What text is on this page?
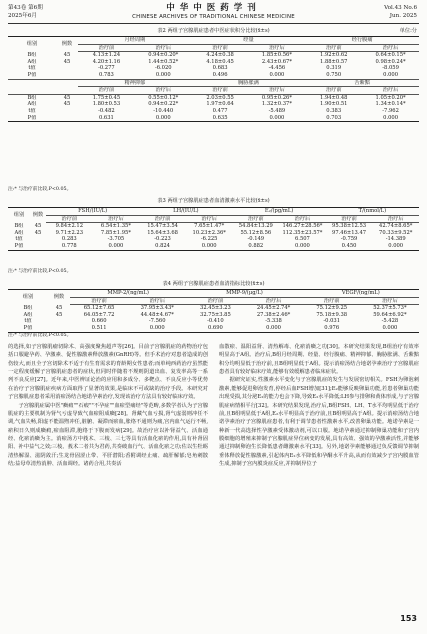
第43卷 第6期
2025年6月
中华中医药学刊
CHINESE ARCHIVES OF TRADITIONAL CHINESE MEDICINE
Vol.43 No.6
Jun. 2025
表2 两组子宫腺肌症患者中医症状积分比较(x̄±s)	单位:分
组别	例数	月经周期		经量		经行腹痛	
		治疗前	治疗后	治疗前	治疗后	治疗前	治疗后
B组	45	4.13±1.24	0.94±0.20*	4.24±0.38	1.85±0.56*	1.92±0.62	0.64±0.15*
A组	45	4.20±1.16	1.44±0.52*	4.18±0.45	2.43±0.67*	1.88±0.57	0.98±0.24*
t值		-0.277	-6.020	0.683	-4.456	0.319	-8.059
P值		0.783	0.000	0.496	0.000	0.750	0.000
		精神抑郁		胸胁胀满		舌紫黯	
		治疗前	治疗后	治疗前	治疗后	治疗前	治疗后
B组	45	1.75±0.45	0.55±0.12*	2.03±0.55	0.95±0.26*	1.94±0.48	1.05±0.20*
A组	45	1.80±0.53	0.94±0.22*	1.97±0.64	1.32±0.37*	1.90±0.51	1.34±0.14*
t值		-0.482	-10.440	0.477	-5.489	0.383	-7.962
P值		0.631	0.000	0.635	0.000	0.703	0.000
注:* 与治疗前比较,P<0.05。
表3 两组子宫腺肌症患者血清激素水平比较(x̄±s)
组别	例数	FSH/(IU/L)		LH/(IU/L)		E₂/(pg/mL)		T/(nmol/L)	
		治疗前	治疗后	治疗前	治疗后	治疗前	治疗后	治疗前	治疗后
B组	45	9.84±2.12	6.54±1.35*	15.47±3.54	7.65±1.47*	54.84±13.29	146.27±28.56*	95.38±12.53	42.74±8.65*
A组	45	9.71±2.23	7.85±1.95*	15.64±3.68	10.23±2.36*	55.12±8.56	112.35±23.57*	97.46±13.47	70.33±9.52*
t值		0.283	-3.705	-0.223	-6.225	-0.149	6.507	-0.759	-14.389
P值		0.778	0.000	0.824	0.000	0.882	0.000	0.450	0.000
注:* 与治疗前比较,P<0.05。
表4 两组子宫腺肌症患者血清指标比较(x̄±s)
组别	例数	MMP-2/(ng/mL)		MMP-9/(μg/L)		VEGF/(ng/mL)	
		治疗前	治疗后	治疗前	治疗后	治疗前	治疗后
B组	45	65.12±7.65	37.95±3.43*	32.45±3.23	24.45±2.74*	75.12±9.25	52.37±5.73*
A组	45	64.05±7.72	44.48±4.67*	32.75±3.85	27.38±2.46*	75.18±9.38	59.64±6.92*
t值		0.660	-7.560	-0.410	-5.338	-0.031	-5.428
P值		0.511	0.000	0.690	0.000	0.976	0.000
注:* 与治疗前比较,P<0.05。

的选择,如子宫腺肌瘤切除术、高强度聚焦超声等[26]。目前子宫腺肌症的药物治疗包括口服避孕药、孕激素、促性腺激素释放激素(GnRH)等。但手术治疗对患者造成的创伤较大,而且全子宫切除术不适于有生育需求的育龄期女性患者;而单纯西药治疗虽然能一定程度缓解子宫腺肌症患者的症状,但同时伴随着不规则阴道出血、复发率高等一系列不良反应[27]。近年来,中医辨证论治的应用和多成分、多靶点、不良反应小等优势在治疗子宫腺肌症疾病方面取得了显著的效果,是临床不可或缺的治疗手段。本研究对子宫腺肌症患者采用消瘀汤结合地诺孕素治疗,发现该治疗方法具有较好临床疗效。

子宫腺肌症属中医"癥瘕""石瘕""不孕症""血瘀型痛经"等范畴,多数学者认为子宫腺肌症的主要机制为肾气亏虚导致气血瘀阻成癥[28]。肾藏气血亏损,肾气虚弱则冲任不调,气血失畅,阳虚不能温煦冲任,脏腑、凝滞而瘀血,胀络不通则为痛,宫内血气运行不畅,瘀积日久则成癥瘕,瘀血阻滞,胞络于下腹而发病[29]。故治疗应以补肾益气、活血通经、化瘀消癥为主。消瘀汤方中莪术、三棱、三七等具有活血化瘀的作用,具有补肾固阳、补中益气之效;三棱、莪术二者共为君药,共奏破血行气、活血化瘀之功;佐以生牡蛎清热解湿、滋阴敛汗;生龙骨固涩止带、平肝潜阳;香附调经止痛、疏肝解郁;皂角刺散结;益母草清热消肿、活血调经。诸药合用,共奏活

血散瘀、温阳益肾、清热解毒、化瘀消癥之功[30]。本研究结果发现,B组治疗有效率明显高于A组。治疗后,B组月经周期、经量、经行腹痛、精神抑郁、胸胁胀满、舌紫黯积分均明显低于治疗前,且B组明显低于A组。提示消瘀汤结合地诺孕素治疗子宫腺肌症患者具有较好临床疗效,能够有效缓解患者临床症状。

据研究证实,性激素水平变化与子宫腺肌症的发生与发展密切相关。FSH为卵泡刺激素,能够促进卵泡发育,停经后血FSH增加[31];E₂能够反映卵巢功能,若患者卵巢功能出现受损,其分泌E₂的能力也会下降,导致E₂水平降低;LH参与排卵和黄体形成,与子宫腺肌症病情相平行[32]。本研究结果发现,治疗后,B组FSH、LH、T水平均明显低于治疗前,且B组明显低于A组,E₂水平明显高于治疗前,且B组明显高于A组。提示消瘀汤结合地诺孕素治疗子宫腺肌症患者,有利于调节患者性激素水平,改善卵巢功能。地诺孕素是一种新一代高选择性孕激素受体激动剂,可以口服。地诺孕素通过抑制卵巢功能和子宫内膜细胞的增殖来抑制子宫腺肌症异位病变的发展,具有高效、强效的孕激素活性,并能够通过抑制卵泡生长降低患者雌激素水平[33]。另外,地诺孕素能够通过负反馈调节抑制垂体释放促性腺激素,引起体内E₂水平降低和孕酮水平升高,从而有效减少子宫内膜血管生成,抑制子宫内膜炎症反应,并抑制异位子

153
